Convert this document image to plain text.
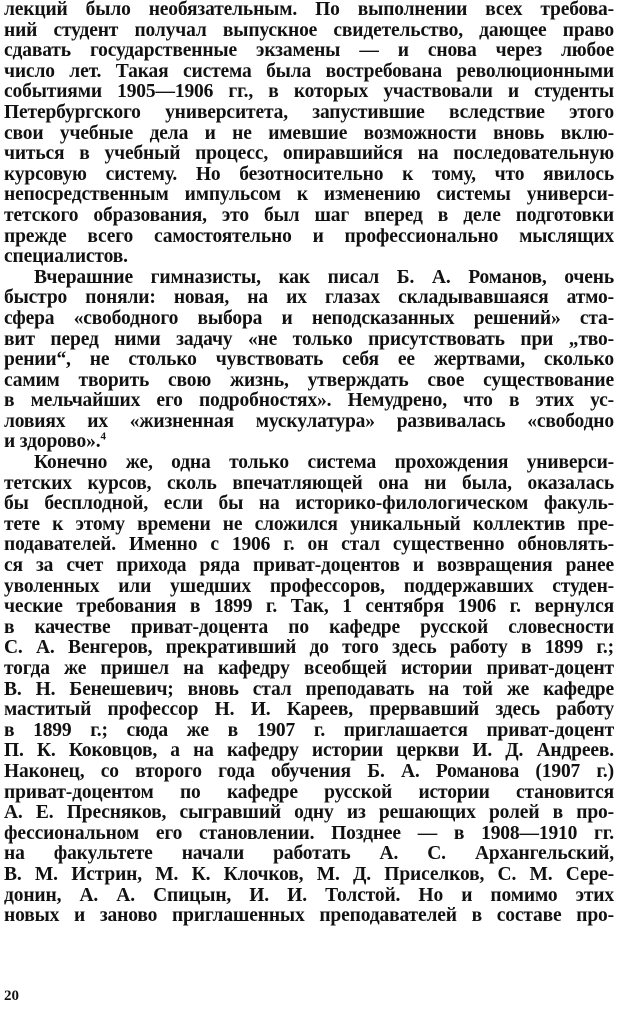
лекций было необязательным. По выполнении всех требова-
ний студент получал выпускное свидетельство, дающее право
сдавать государственные экзамены — и снова через любое
число лет. Такая система была востребована революционными
событиями 1905—1906 гг., в которых участвовали и студенты
Петербургского университета, запустившие вследствие этого
свои учебные дела и не имевшие возможности вновь вклю-
читься в учебный процесс, опиравшийся на последовательную
курсовую систему. Но безотносительно к тому, что явилось
непосредственным импульсом к изменению системы универси-
тетского образования, это был шаг вперед в деле подготовки
прежде всего самостоятельно и профессионально мыслящих
специалистов.
Вчерашние гимназисты, как писал Б. А. Романов, очень
быстро поняли: новая, на их глазах складывавшаяся атмо-
сфера «свободного выбора и неподсказанных решений» ста-
вит перед ними задачу «не только присутствовать при „тво-
рении“, не столько чувствовать себя ее жертвами, сколько
самим творить свою жизнь, утверждать свое существование
в мельчайших его подробностях». Немудрено, что в этих ус-
ловиях их «жизненная мускулатура» развивалась «свободно
и здорово».$^4$
Конечно же, одна только система прохождения универси-
тетских курсов, сколь впечатляющей она ни была, оказалась
бы бесплодной, если бы на историко-филологическом факуль-
тете к этому времени не сложился уникальный коллектив пре-
подавателей. Именно с 1906 г. он стал существенно обновлять-
ся за счет прихода ряда приват-доцентов и возвращения ранее
уволенных или ушедших профессоров, поддержавших студен-
ческие требования в 1899 г. Так, 1 сентября 1906 г. вернулся
в качестве приват-доцента по кафедре русской словесности
С. А. Венгеров, прекративший до того здесь работу в 1899 г.;
тогда же пришел на кафедру всеобщей истории приват-доцент
В. Н. Бенешевич; вновь стал преподавать на той же кафедре
маститый профессор Н. И. Кареев, прервавший здесь работу
в 1899 г.; сюда же в 1907 г. приглашается приват-доцент
П. К. Коковцов, а на кафедру истории церкви И. Д. Андреев.
Наконец, со второго года обучения Б. А. Романова (1907 г.)
приват-доцентом по кафедре русской истории становится
А. Е. Пресняков, сыгравший одну из решающих ролей в про-
фессиональном его становлении. Позднее — в 1908—1910 гг.
на факультете начали работать А. С. Архангельский,
В. М. Истрин, М. К. Клочков, М. Д. Приселков, С. М. Сере-
донин, А. А. Спицын, И. И. Толстой. Но и помимо этих
новых и заново приглашенных преподавателей в составе про-
20
